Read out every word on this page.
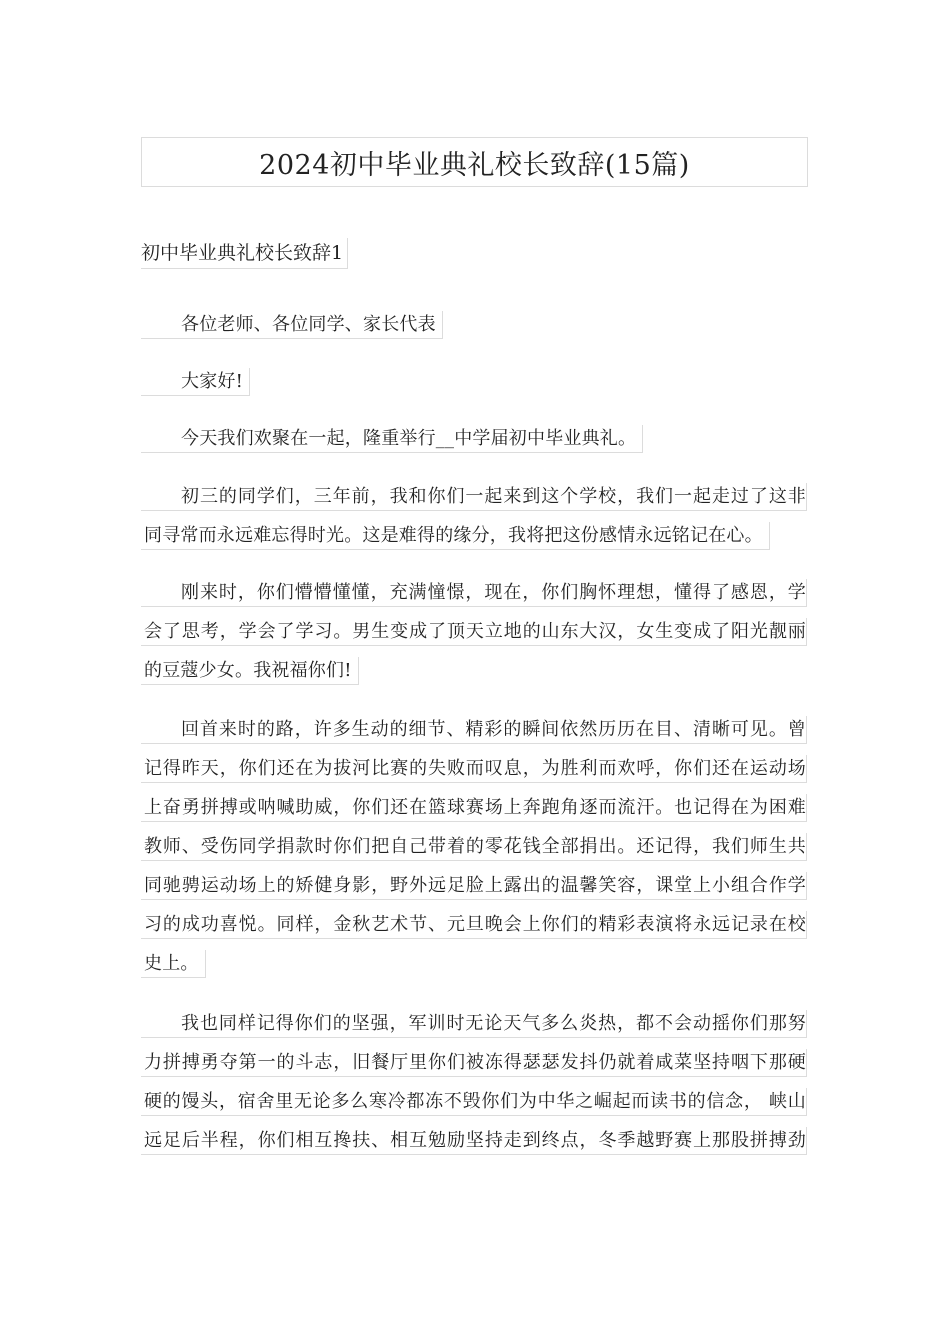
2024初中毕业典礼校长致辞(15篇)
初中毕业典礼校长致辞1
各位老师、各位同学、家长代表
大家好!
今天我们欢聚在一起，隆重举行__中学届初中毕业典礼。
初三的同学们，三年前，我和你们一起来到这个学校，我们一起走过了这非
同寻常而永远难忘得时光。这是难得的缘分，我将把这份感情永远铭记在心。
刚来时，你们懵懵懂懂，充满憧憬，现在，你们胸怀理想，懂得了感恩，学
会了思考，学会了学习。男生变成了顶天立地的山东大汉，女生变成了阳光靓丽
的豆蔻少女。我祝福你们!
回首来时的路，许多生动的细节、精彩的瞬间依然历历在目、清晰可见。曾
记得昨天，你们还在为拔河比赛的失败而叹息，为胜利而欢呼，你们还在运动场
上奋勇拼搏或呐喊助威，你们还在篮球赛场上奔跑角逐而流汗。也记得在为困难
教师、受伤同学捐款时你们把自己带着的零花钱全部捐出。还记得，我们师生共
同驰骋运动场上的矫健身影，野外远足脸上露出的温馨笑容，课堂上小组合作学
习的成功喜悦。同样，金秋艺术节、元旦晚会上你们的精彩表演将永远记录在校
史上。
我也同样记得你们的坚强，军训时无论天气多么炎热，都不会动摇你们那努
力拼搏勇夺第一的斗志，旧餐厅里你们被冻得瑟瑟发抖仍就着咸菜坚持咽下那硬
硬的馒头，宿舍里无论多么寒冷都冻不毁你们为中华之崛起而读书的信念， 峡山
远足后半程，你们相互搀扶、相互勉励坚持走到终点，冬季越野赛上那股拼搏劲
